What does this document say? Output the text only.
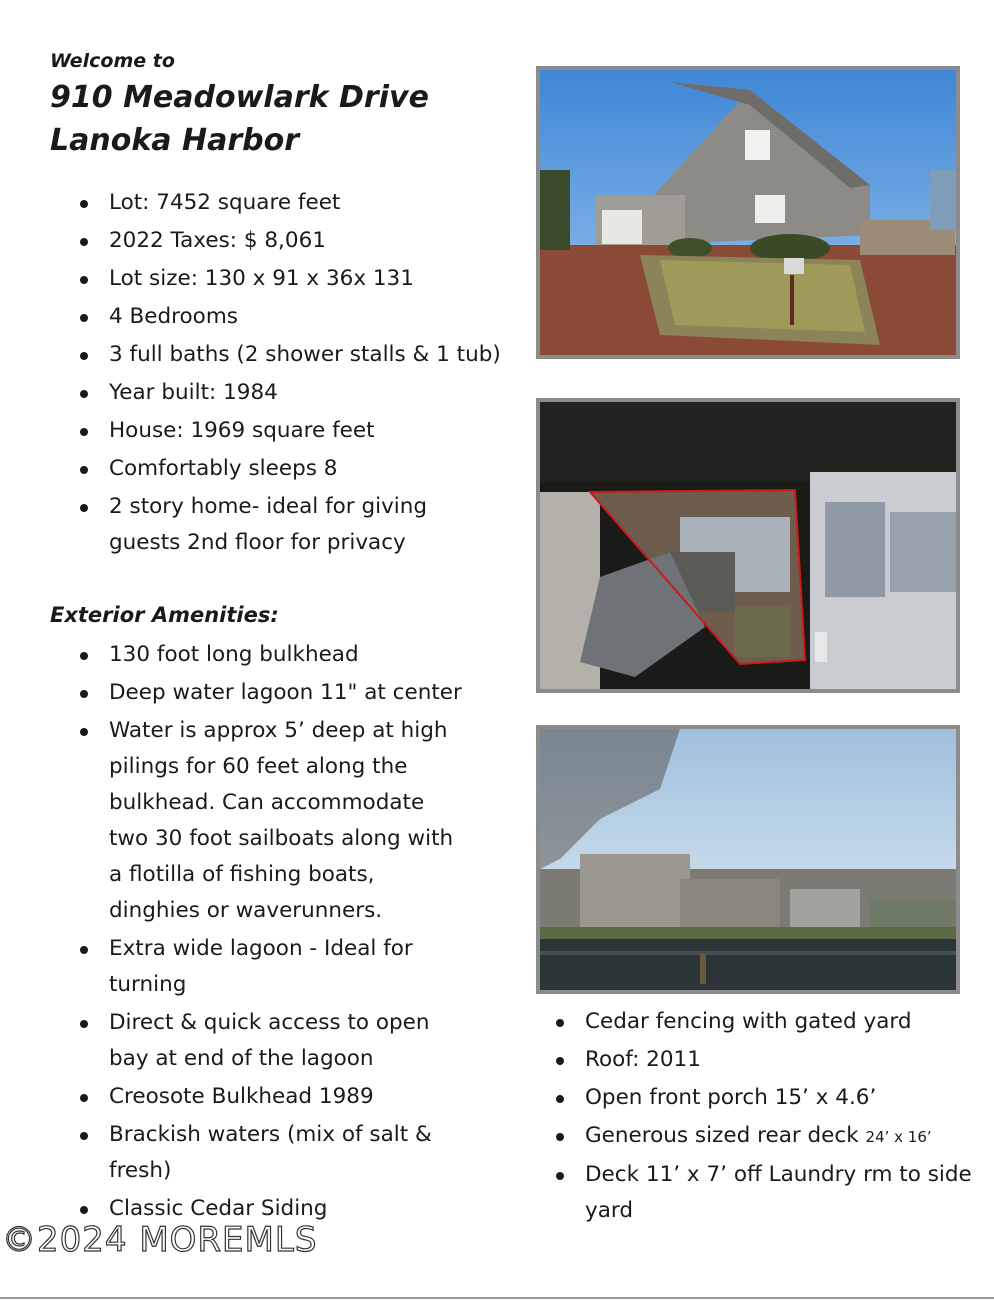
Welcome to
910 Meadowlark Drive
Lanoka Harbor
Lot: 7452 square feet
2022 Taxes: $ 8,061
Lot size: 130 x 91 x 36x 131
4 Bedrooms
3 full baths (2 shower stalls & 1 tub)
Year built: 1984
House: 1969 square feet
Comfortably sleeps 8
2 story home- ideal for giving guests 2nd floor for privacy
Exterior Amenities:
130 foot long bulkhead
Deep water lagoon 11" at center
Water is approx 5’ deep at high pilings for 60 feet along the bulkhead. Can accommodate two 30 foot sailboats along with a flotilla of fishing boats, dinghies or waverunners.
Extra wide lagoon - Ideal for turning
Direct & quick access to open bay at end of the lagoon
Creosote Bulkhead 1989
Brackish waters (mix of salt & fresh)
Classic Cedar Siding
Cedar fencing with gated yard
Roof: 2011
Open front porch 15’ x 4.6’
Generous sized rear deck 24’ x 16’
Deck 11’ x 7’ off Laundry rm to side yard
©2024 MOREMLS
